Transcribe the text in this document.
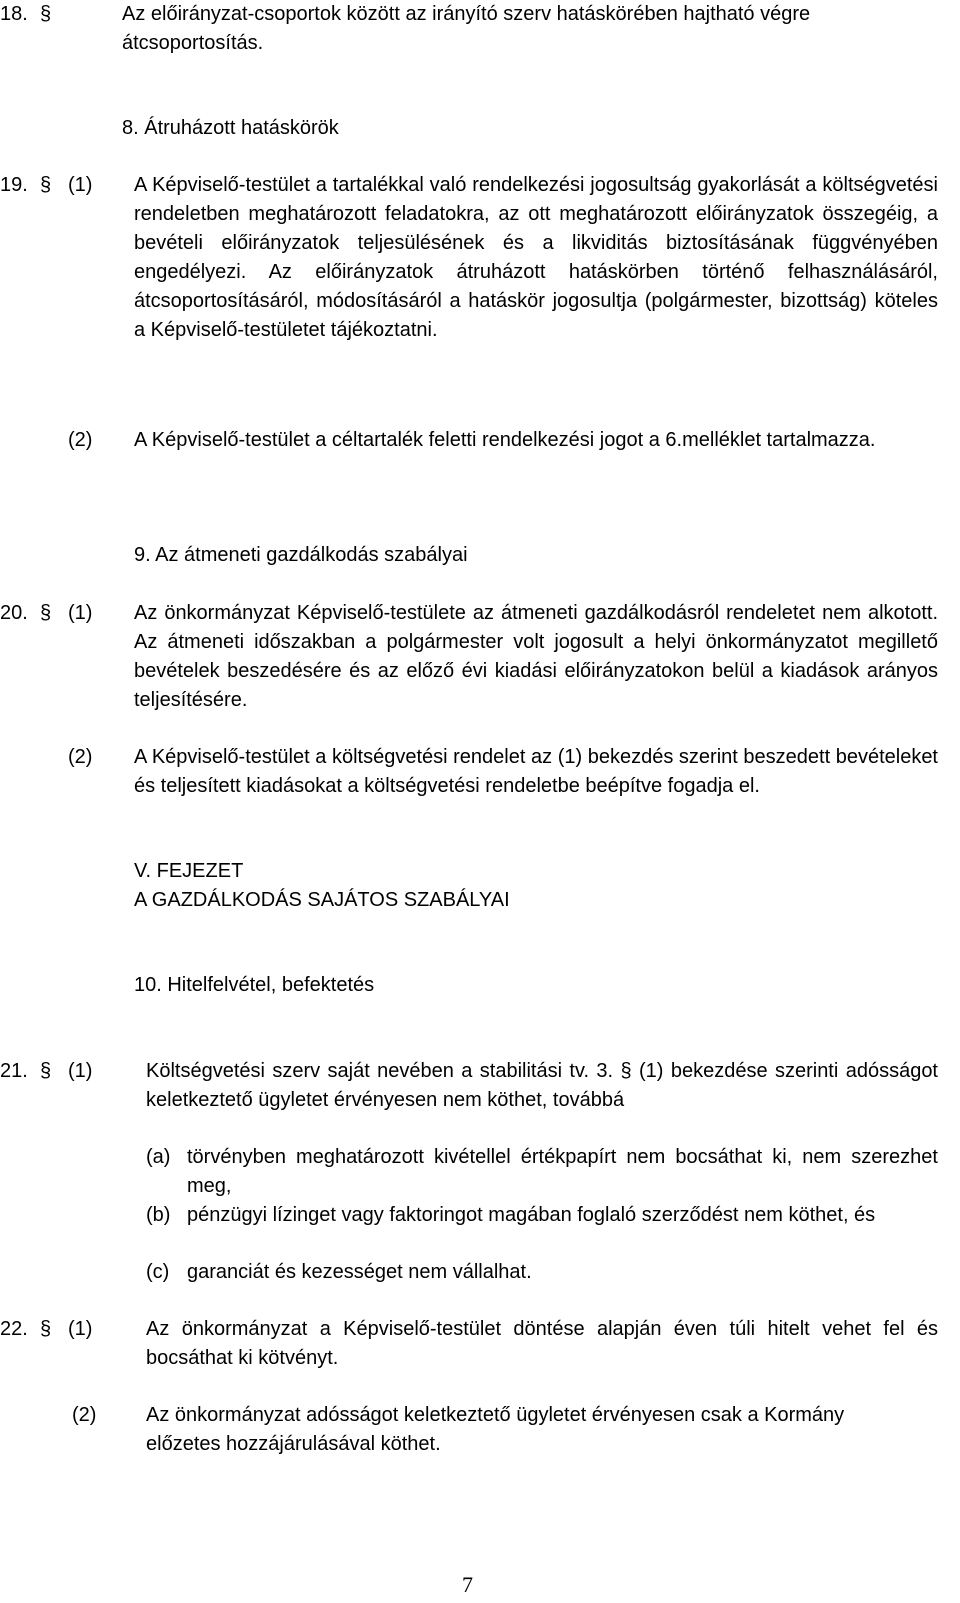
18. §	Az előirányzat-csoportok között az irányító szerv hatáskörében hajtható végre átcsoportosítás.
8. Átruházott hatáskörök
19. § (1) A Képviselő-testület a tartalékkal való rendelkezési jogosultság gyakorlását a költségvetési rendeletben meghatározott feladatokra, az ott meghatározott előirányzatok összegéig, a bevételi előirányzatok teljesülésének és a likviditás biztosításának függvényében engedélyezi. Az előirányzatok átruházott hatáskörben történő felhasználásáról, átcsoportosításáról, módosításáról a hatáskör jogosultja (polgármester, bizottság) köteles a Képviselő-testületet tájékoztatni.
(2) A Képviselő-testület a céltartalék feletti rendelkezési jogot a 6.melléklet tartalmazza.
9. Az átmeneti gazdálkodás szabályai
20. § (1) Az önkormányzat Képviselő-testülete az átmeneti gazdálkodásról rendeletet nem alkotott. Az átmeneti időszakban a polgármester volt jogosult a helyi önkormányzatot megillető bevételek beszedésére és az előző évi kiadási előirányzatokon belül a kiadások arányos teljesítésére.
(2) A Képviselő-testület a költségvetési rendelet az (1) bekezdés szerint beszedett bevételeket és teljesített kiadásokat a költségvetési rendeletbe beépítve fogadja el.
V. FEJEZET
A GAZDÁLKODÁS SAJÁTOS SZABÁLYAI
10. Hitelfelvétel, befektetés
21. § (1)	Költségvetési szerv saját nevében a stabilitási tv. 3. § (1) bekezdése szerinti adósságot keletkeztető ügyletet érvényesen nem köthet, továbbá
(a) törvényben meghatározott kivétellel értékpapírt nem bocsáthat ki, nem szerezhet meg,
(b) pénzügyi lízinget vagy faktoringot magában foglaló szerződést nem köthet, és
(c) garanciát és kezességet nem vállalhat.
22. § (1)	Az önkormányzat a Képviselő-testület döntése alapján éven túli hitelt vehet fel és bocsáthat ki kötvényt.
(2) Az önkormányzat adósságot keletkeztető ügyletet érvényesen csak a Kormány előzetes hozzájárulásával köthet.
7
